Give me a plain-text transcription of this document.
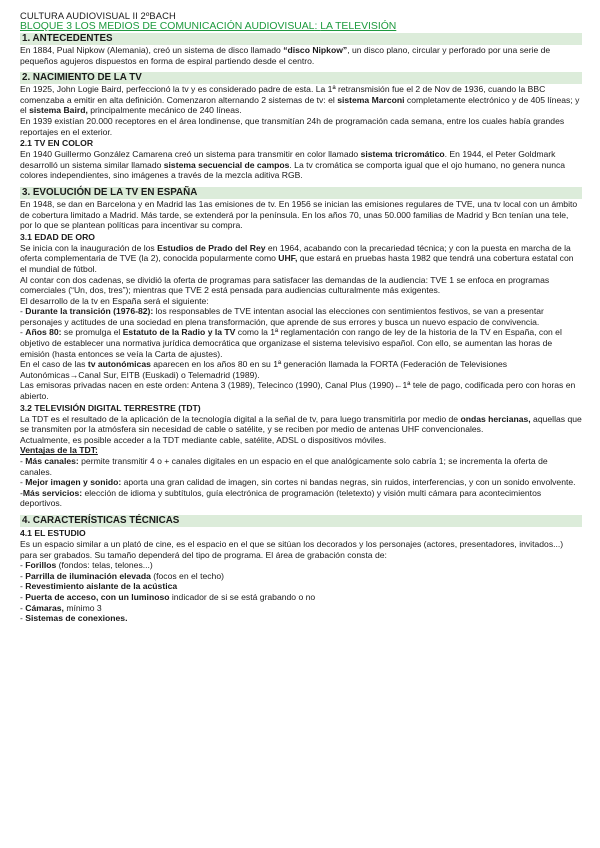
CULTURA AUDIOVISUAL II 2ºBACH

BLOQUE 3 LOS MEDIOS DE COMUNICACIÓN AUDIOVISUAL: LA TELEVISIÓN

1. ANTECEDENTES

En 1884, Pual Nipkow (Alemania), creó un sistema de disco llamado “disco Nipkow”, un disco plano, circular y perforado por una serie de pequeños agujeros dispuestos en forma de espiral partiendo desde el centro.

2. NACIMIENTO DE LA TV

En 1925, John Logie Baird, perfeccionó la tv y es considerado padre de esta. La 1ª retransmisión fue el 2 de Nov de 1936, cuando la BBC comenzaba a emitir en alta definición. Comenzaron alternando 2 sistemas de tv: el sistema Marconi completamente electrónico y de 405 líneas; y el sistema Baird, principalmente mecánico de 240 líneas.

En 1939 existían 20.000 receptores en el área londinense, que transmitían 24h de programación cada semana, entre los cuales había grandes reportajes en el exterior.

2.1 TV EN COLOR

En 1940 Guillermo González Camarena creó un sistema para transmitir en color llamado sistema tricromático. En 1944, el Peter Goldmark desarrolló un sistema similar llamado sistema secuencial de campos. La tv cromática se comporta igual que el ojo humano, no genera nunca colores independientes, sino imágenes a través de la mezcla aditiva RGB.

3. EVOLUCIÓN DE LA TV EN ESPAÑA

En 1948, se dan en Barcelona y en Madrid las 1as emisiones de tv. En 1956 se inician las emisiones regulares de TVE, una tv local con un ámbito de cobertura limitado a Madrid. Más tarde, se extenderá por la península. En los años 70, unas 50.000 familias de Madrid y Bcn tenían una tele, por lo que se plantean políticas para incentivar su compra.

3.1 EDAD DE ORO

Se inicia con la inauguración de los Estudios de Prado del Rey en 1964, acabando con la precariedad técnica; y con la puesta en marcha de la oferta complementaria de TVE (la 2), conocida popularmente como UHF, que estará en pruebas hasta 1982 que tendrá una cobertura estatal con el mundial de fútbol.

Al contar con dos cadenas, se dividió la oferta de programas para satisfacer las demandas de la audiencia: TVE 1 se enfoca en programas comerciales (“Un, dos, tres”); mientras que TVE 2 está pensada para audiencias culturalmente más exigentes.

El desarrollo de la tv en España será el siguiente:

- Durante la transición (1976-82): los responsables de TVE intentan asocial las elecciones con sentimientos festivos, se van a presentar personajes y actitudes de una sociedad en plena transformación, que aprende de sus errores y busca un nuevo espacio de convivencia.

- Años 80: se promulga el Estatuto de la Radio y la TV como la 1ª reglamentación con rango de ley de la historia de la TV en España, con el objetivo de establecer una normativa jurídica democrática que organizase el sistema televisivo español. Con ello, se aumentan las horas de emisión (hasta entonces se veía la Carta de ajustes).

En el caso de las tv autonómicas aparecen en los años 80 en su 1ª generación llamada la FORTA (Federación de Televisiones Autonómicas→Canal Sur, EITB (Euskadi) o Telemadrid (1989).

Las emisoras privadas nacen en este orden: Antena 3 (1989), Telecinco (1990), Canal Plus (1990)←1ª tele de pago, codificada pero con horas en abierto.

3.2 TELEVISIÓN DIGITAL TERRESTRE (TDT)

La TDT es el resultado de la aplicación de la tecnología digital a la señal de tv, para luego transmitirla por medio de ondas hercianas, aquellas que se transmiten por la atmósfera sin necesidad de cable o satélite, y se reciben por medio de antenas UHF convencionales.

Actualmente, es posible acceder a la TDT mediante cable, satélite, ADSL o dispositivos móviles.

Ventajas de la TDT:

- Más canales: permite transmitir 4 o + canales digitales en un espacio en el que analógicamente solo cabría 1; se incrementa la oferta de canales.

- Mejor imagen y sonido: aporta una gran calidad de imagen, sin cortes ni bandas negras, sin ruidos, interferencias, y con un sonido envolvente.

-Más servicios: elección de idioma y subtítulos, guía electrónica de programación (teletexto) y visión multi cámara para acontecimientos deportivos.

4. CARACTERÍSTICAS TÉCNICAS

4.1 EL ESTUDIO

Es un espacio similar a un plató de cine, es el espacio en el que se sitúan los decorados y los personajes (actores, presentadores, invitados...) para ser grabados. Su tamaño dependerá del tipo de programa. El área de grabación consta de:

- Forillos (fondos: telas, telones...)

- Parrilla de iluminación elevada (focos en el techo)

- Revestimiento aislante de la acústica

- Puerta de acceso, con un luminoso indicador de si se está grabando o no

- Cámaras, mínimo 3

- Sistemas de conexiones.
